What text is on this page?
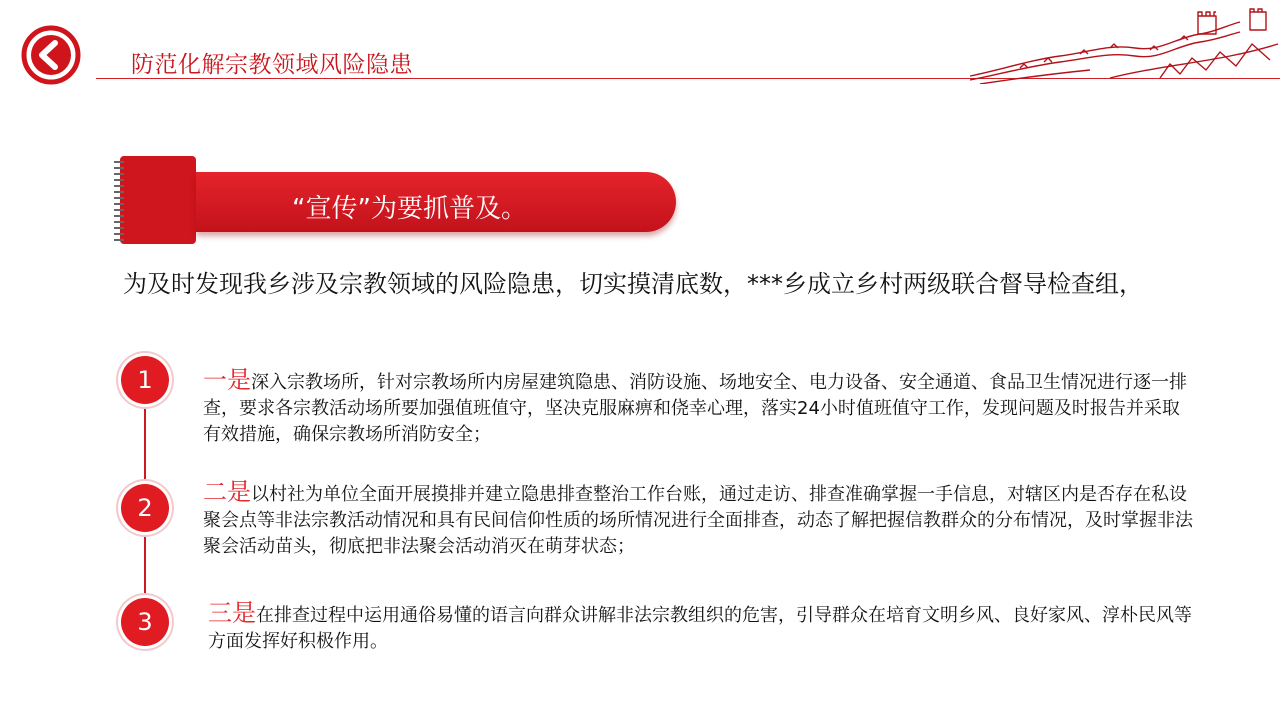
防范化解宗教领域风险隐患
“宣传”为要抓普及。
为及时发现我乡涉及宗教领域的风险隐患，切实摸清底数，***乡成立乡村两级联合督导检查组，
1	一是深入宗教场所，针对宗教场所内房屋建筑隐患、消防设施、场地安全、电力设备、安全通道、食品卫生情况进行逐一排查，要求各宗教活动场所要加强值班值守，坚决克服麻痹和侥幸心理，落实24小时值班值守工作，发现问题及时报告并采取有效措施，确保宗教场所消防安全；
2
二是以村社为单位全面开展摸排并建立隐患排查整治工作台账，通过走访、排查准确掌握一手信息，对辖区内是否存在私设聚会点等非法宗教活动情况和具有民间信仰性质的场所情况进行全面排查，动态了解把握信教群众的分布情况，及时掌握非法聚会活动苗头，彻底把非法聚会活动消灭在萌芽状态；
3	三是在排查过程中运用通俗易懂的语言向群众讲解非法宗教组织的危害，引导群众在培育文明乡风、良好家风、淳朴民风等方面发挥好积极作用。
